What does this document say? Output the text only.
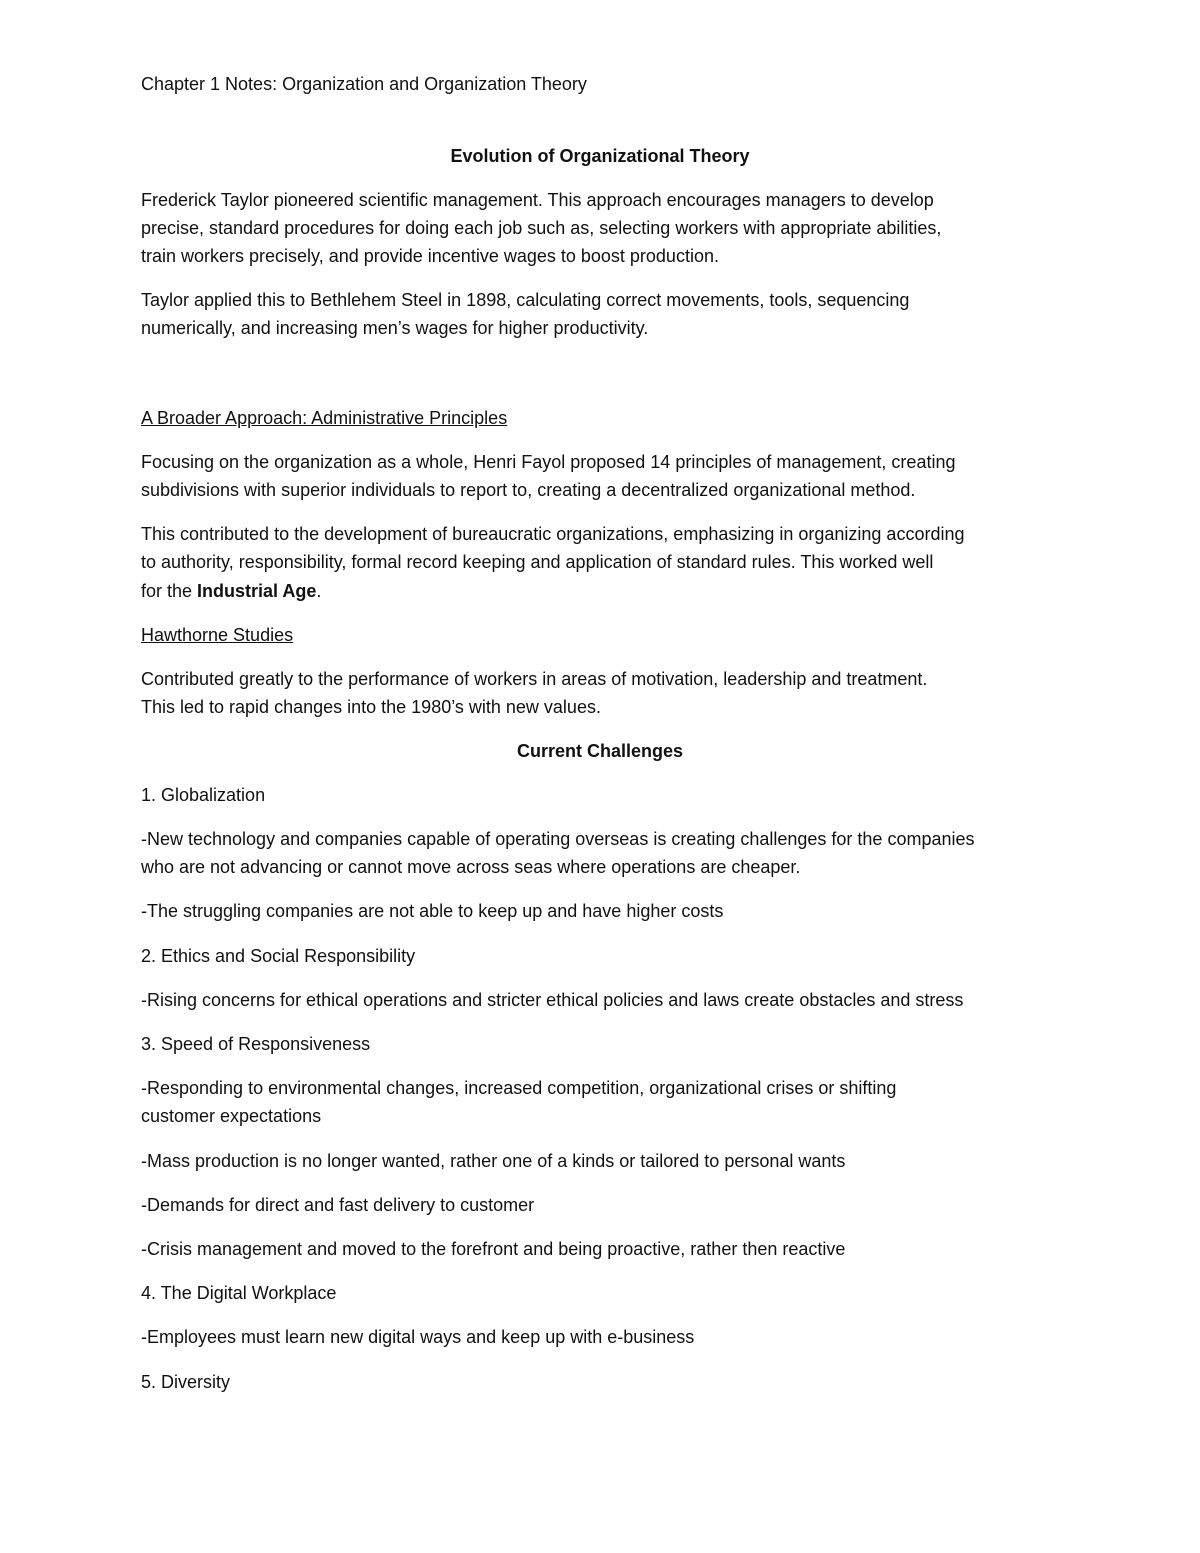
Chapter 1 Notes: Organization and Organization Theory
Evolution of Organizational Theory
Frederick Taylor pioneered scientific management. This approach encourages managers to develop
precise, standard procedures for doing each job such as, selecting workers with appropriate abilities,
train workers precisely, and provide incentive wages to boost production.
Taylor applied this to Bethlehem Steel in 1898, calculating correct movements, tools, sequencing
numerically, and increasing men’s wages for higher productivity.
A Broader Approach: Administrative Principles
Focusing on the organization as a whole, Henri Fayol proposed 14 principles of management, creating
subdivisions with superior individuals to report to, creating a decentralized organizational method.
This contributed to the development of bureaucratic organizations, emphasizing in organizing according
to authority, responsibility, formal record keeping and application of standard rules. This worked well
for the Industrial Age.
Hawthorne Studies
Contributed greatly to the performance of workers in areas of motivation, leadership and treatment.
This led to rapid changes into the 1980’s with new values.
Current Challenges
1. Globalization
-New technology and companies capable of operating overseas is creating challenges for the companies
who are not advancing or cannot move across seas where operations are cheaper.
-The struggling companies are not able to keep up and have higher costs
2. Ethics and Social Responsibility
-Rising concerns for ethical operations and stricter ethical policies and laws create obstacles and stress
3. Speed of Responsiveness
-Responding to environmental changes, increased competition, organizational crises or shifting
customer expectations
-Mass production is no longer wanted, rather one of a kinds or tailored to personal wants
-Demands for direct and fast delivery to customer
-Crisis management and moved to the forefront and being proactive, rather then reactive
4. The Digital Workplace
-Employees must learn new digital ways and keep up with e-business
5. Diversity
